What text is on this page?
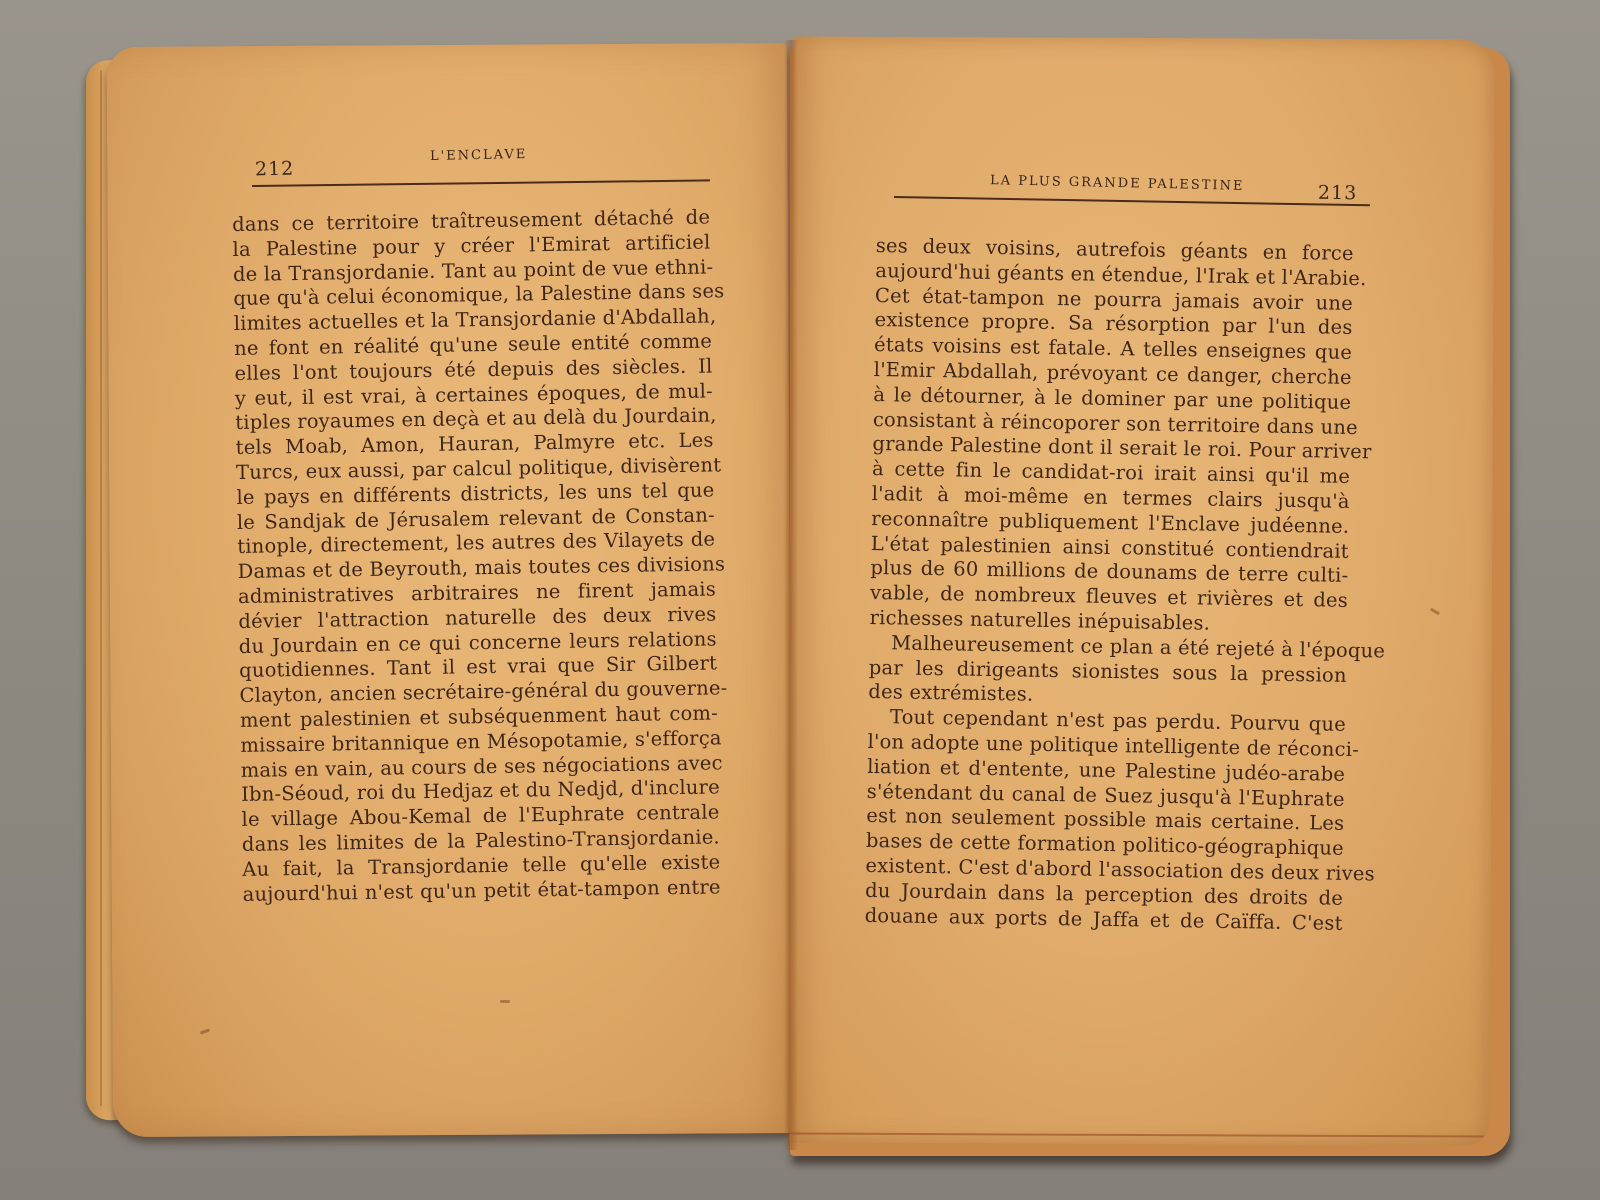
212
L'ENCLAVE
LA PLUS GRANDE PALESTINE	213
dans ce territoire traîtreusement détaché de
la Palestine pour y créer l'Emirat artificiel
de la Transjordanie. Tant au point de vue ethni-
que qu'à celui économique, la Palestine dans ses
limites actuelles et la Transjordanie d'Abdallah,
ne font en réalité qu'une seule entité comme
elles l'ont toujours été depuis des siècles. Il
y eut, il est vrai, à certaines époques, de mul-
tiples royaumes en deçà et au delà du Jourdain,
tels Moab, Amon, Hauran, Palmyre etc. Les
Turcs, eux aussi, par calcul politique, divisèrent
le pays en différents districts, les uns tel que
le Sandjak de Jérusalem relevant de Constan-
tinople, directement, les autres des Vilayets de
Damas et de Beyrouth, mais toutes ces divisions
administratives arbitraires ne firent jamais
dévier l'attraction naturelle des deux rives
du Jourdain en ce qui concerne leurs relations
quotidiennes. Tant il est vrai que Sir Gilbert
Clayton, ancien secrétaire-général du gouverne-
ment palestinien et subséquenment haut com-
missaire britannique en Mésopotamie, s'efforça
mais en vain, au cours de ses négociations avec
Ibn-Séoud, roi du Hedjaz et du Nedjd, d'inclure
le village Abou-Kemal de l'Euphrate centrale
dans les limites de la Palestino-Transjordanie.
Au fait, la Transjordanie telle qu'elle existe
aujourd'hui n'est qu'un petit état-tampon entre
ses deux voisins, autrefois géants en force
aujourd'hui géants en étendue, l'Irak et l'Arabie.
Cet état-tampon ne pourra jamais avoir une
existence propre. Sa résorption par l'un des
états voisins est fatale. A telles enseignes que
l'Emir Abdallah, prévoyant ce danger, cherche
à le détourner, à le dominer par une politique
consistant à réincoporer son territoire dans une
grande Palestine dont il serait le roi. Pour arriver
à cette fin le candidat-roi irait ainsi qu'il me
l'adit à moi-même en termes clairs jusqu'à
reconnaître publiquement l'Enclave judéenne.
L'état palestinien ainsi constitué contiendrait
plus de 60 millions de dounams de terre culti-
vable, de nombreux fleuves et rivières et des
richesses naturelles inépuisables.
Malheureusement ce plan a été rejeté à l'époque
par les dirigeants sionistes sous la pression
des extrémistes.
Tout cependant n'est pas perdu. Pourvu que
l'on adopte une politique intelligente de réconci-
liation et d'entente, une Palestine judéo-arabe
s'étendant du canal de Suez jusqu'à l'Euphrate
est non seulement possible mais certaine. Les
bases de cette formation politico-géographique
existent. C'est d'abord l'association des deux rives
du Jourdain dans la perception des droits de
douane aux ports de Jaffa et de Caïffa. C'est
